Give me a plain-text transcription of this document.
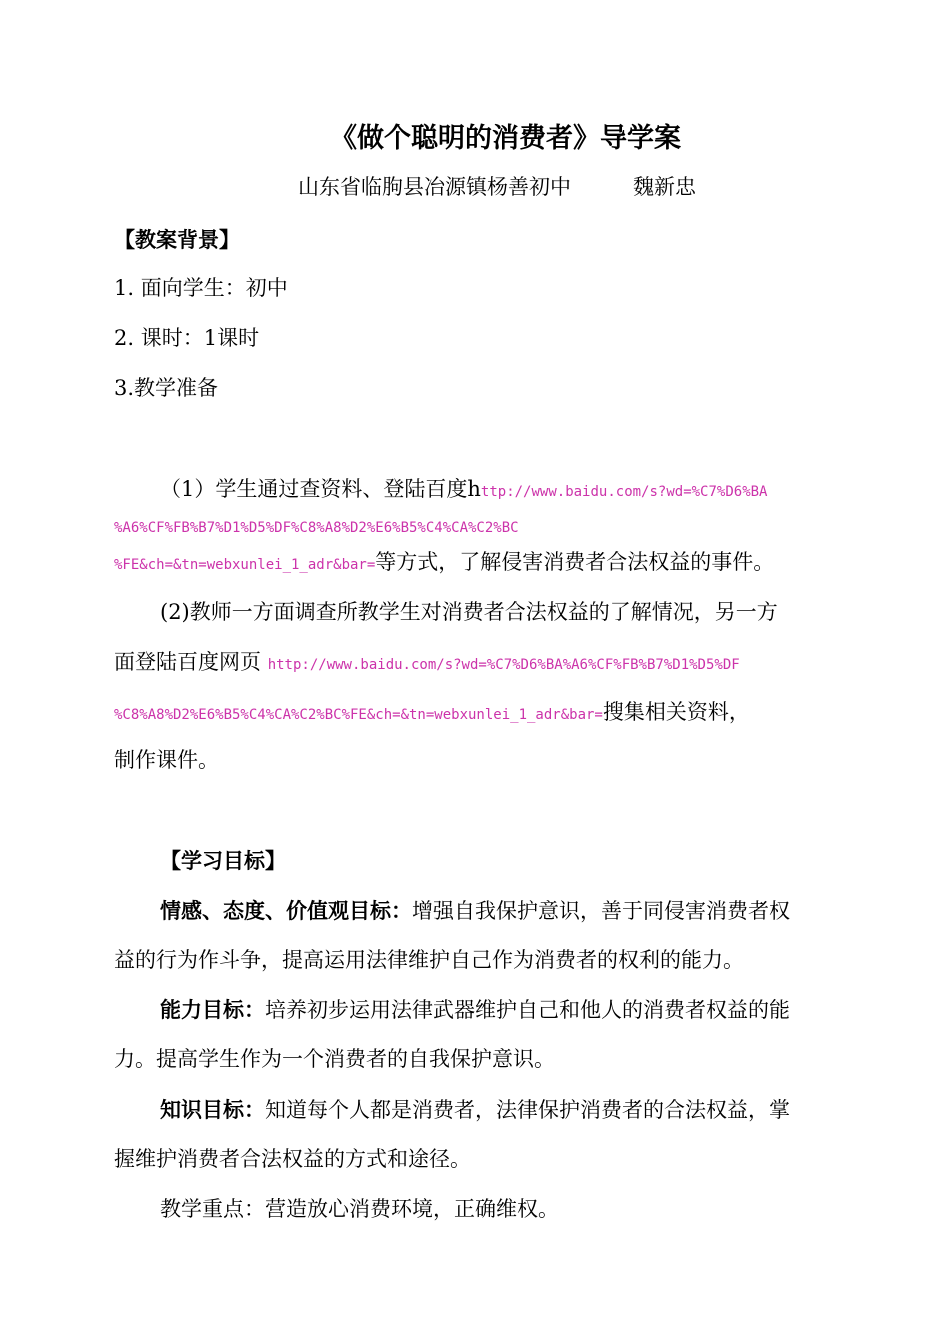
《做个聪明的消费者》导学案
山东省临朐县冶源镇杨善初中	魏新忠
【教案背景】
1. 面向学生：初中
2. 课时：1课时
3.教学准备
（1）学生通过查资料、登陆百度http://www.baidu.com/s?wd=%C7%D6%BA
%A6%CF%FB%B7%D1%D5%DF%C8%A8%D2%E6%B5%C4%CA%C2%BC
%FE&ch=&tn=webxunlei_1_adr&bar=等方式，了解侵害消费者合法权益的事件。
(2)教师一方面调查所教学生对消费者合法权益的了解情况，另一方
面登陆百度网页 http://www.baidu.com/s?wd=%C7%D6%BA%A6%CF%FB%B7%D1%D5%DF
%C8%A8%D2%E6%B5%C4%CA%C2%BC%FE&ch=&tn=webxunlei_1_adr&bar=搜集相关资料，
制作课件。
【学习目标】
情感、态度、价值观目标：增强自我保护意识，善于同侵害消费者权
益的行为作斗争，提高运用法律维护自己作为消费者的权利的能力。
能力目标：培养初步运用法律武器维护自己和他人的消费者权益的能
力。提高学生作为一个消费者的自我保护意识。
知识目标：知道每个人都是消费者，法律保护消费者的合法权益，掌
握维护消费者合法权益的方式和途径。
教学重点：营造放心消费环境，正确维权。
